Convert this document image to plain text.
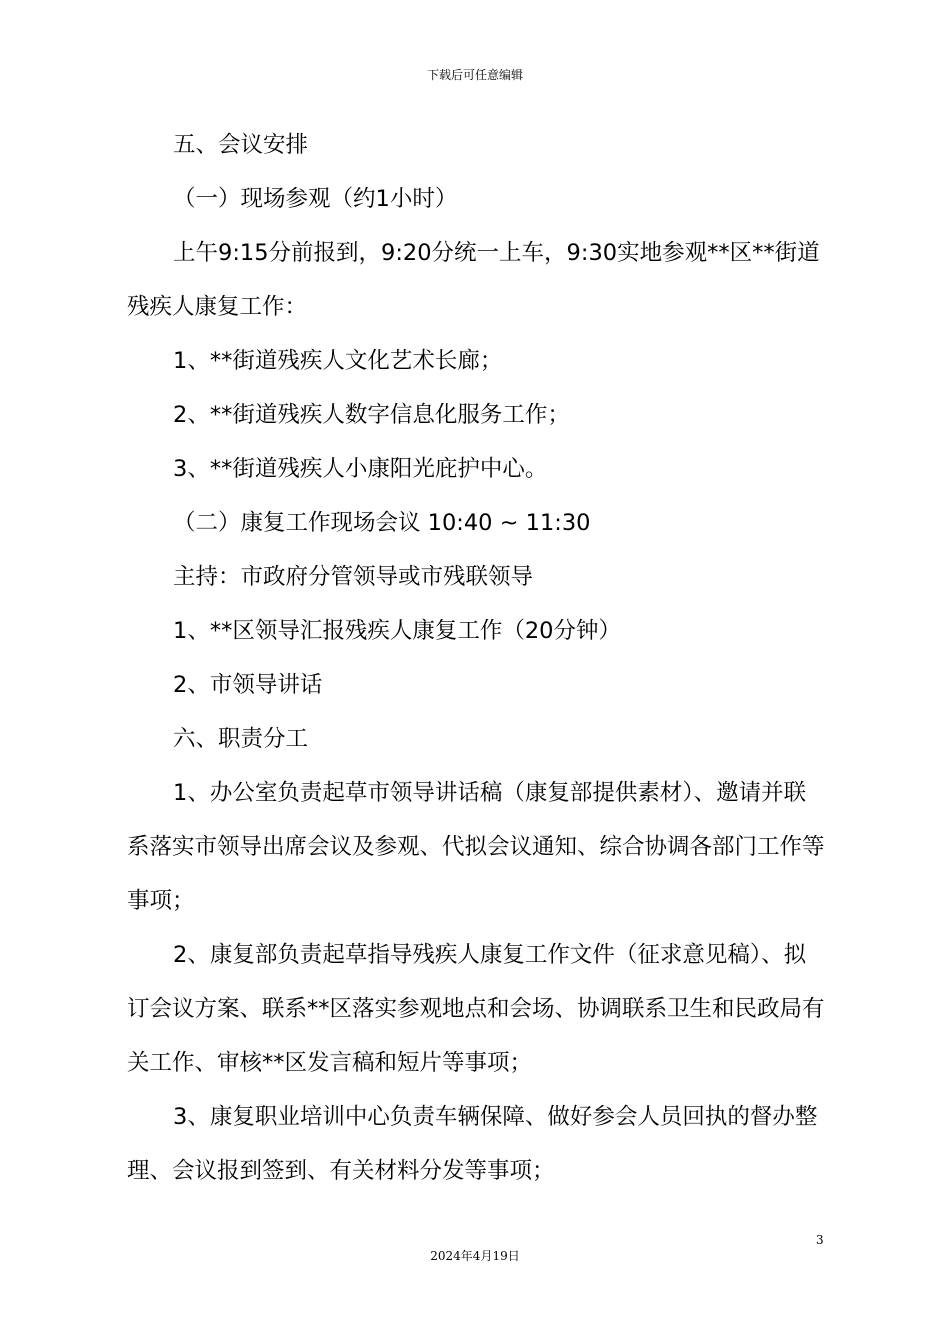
下载后可任意编辑

五、会议安排

（一）现场参观（约1小时）

上午9:15分前报到，9:20分统一上车，9:30实地参观**区**街道残疾人康复工作：

1、**街道残疾人文化艺术长廊；

2、**街道残疾人数字信息化服务工作；

3、**街道残疾人小康阳光庇护中心。

（二）康复工作现场会议 10:40 ~ 11:30

主持：市政府分管领导或市残联领导

1、**区领导汇报残疾人康复工作（20分钟）

2、市领导讲话

六、职责分工

1、办公室负责起草市领导讲话稿（康复部提供素材）、邀请并联系落实市领导出席会议及参观、代拟会议通知、综合协调各部门工作等事项；

2、康复部负责起草指导残疾人康复工作文件（征求意见稿）、拟订会议方案、联系**区落实参观地点和会场、协调联系卫生和民政局有关工作、审核**区发言稿和短片等事项；

3、康复职业培训中心负责车辆保障、做好参会人员回执的督办整理、会议报到签到、有关材料分发等事项；

3
2024年4月19日
